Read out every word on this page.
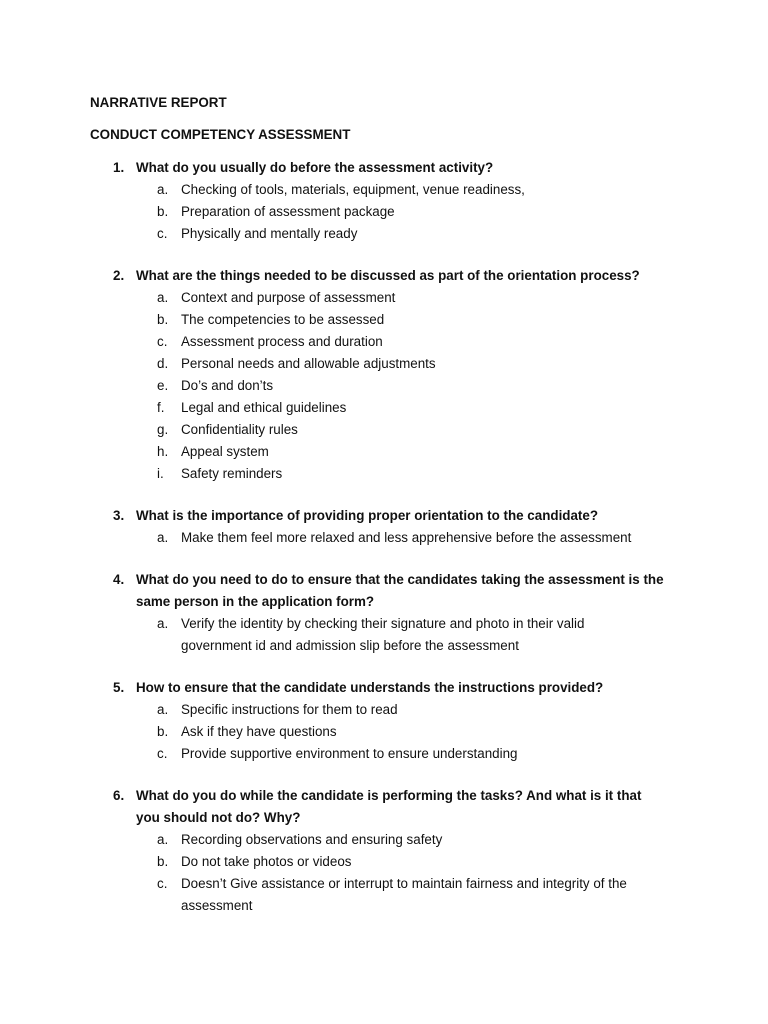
NARRATIVE REPORT
CONDUCT COMPETENCY ASSESSMENT
1. What do you usually do before the assessment activity?
a. Checking of tools, materials, equipment, venue readiness,
b. Preparation of assessment package
c.	Physically and mentally ready
2. What are the things needed to be discussed as part of the orientation process?
a. Context and purpose of assessment
b. The competencies to be assessed
c.	Assessment process and duration
d. Personal needs and allowable adjustments
e. Do’s and don’ts
f.	Legal and ethical guidelines
g. Confidentiality rules
h. Appeal system
i.	Safety reminders
3. What is the importance of providing proper orientation to the candidate?
a. Make them feel more relaxed and less apprehensive before the assessment
4. What do you need to do to ensure that the candidates taking the assessment is the same person in the application form?
a. Verify the identity by checking their signature and photo in their valid government id and admission slip before the assessment
5. How to ensure that the candidate understands the instructions provided?
a. Specific instructions for them to read
b. Ask if they have questions
c.	Provide supportive environment to ensure understanding
6. What do you do while the candidate is performing the tasks? And what is it that you should not do? Why?
a. Recording observations and ensuring safety
b. Do not take photos or videos
c.	Doesn’t Give assistance or interrupt to maintain fairness and integrity of the assessment
